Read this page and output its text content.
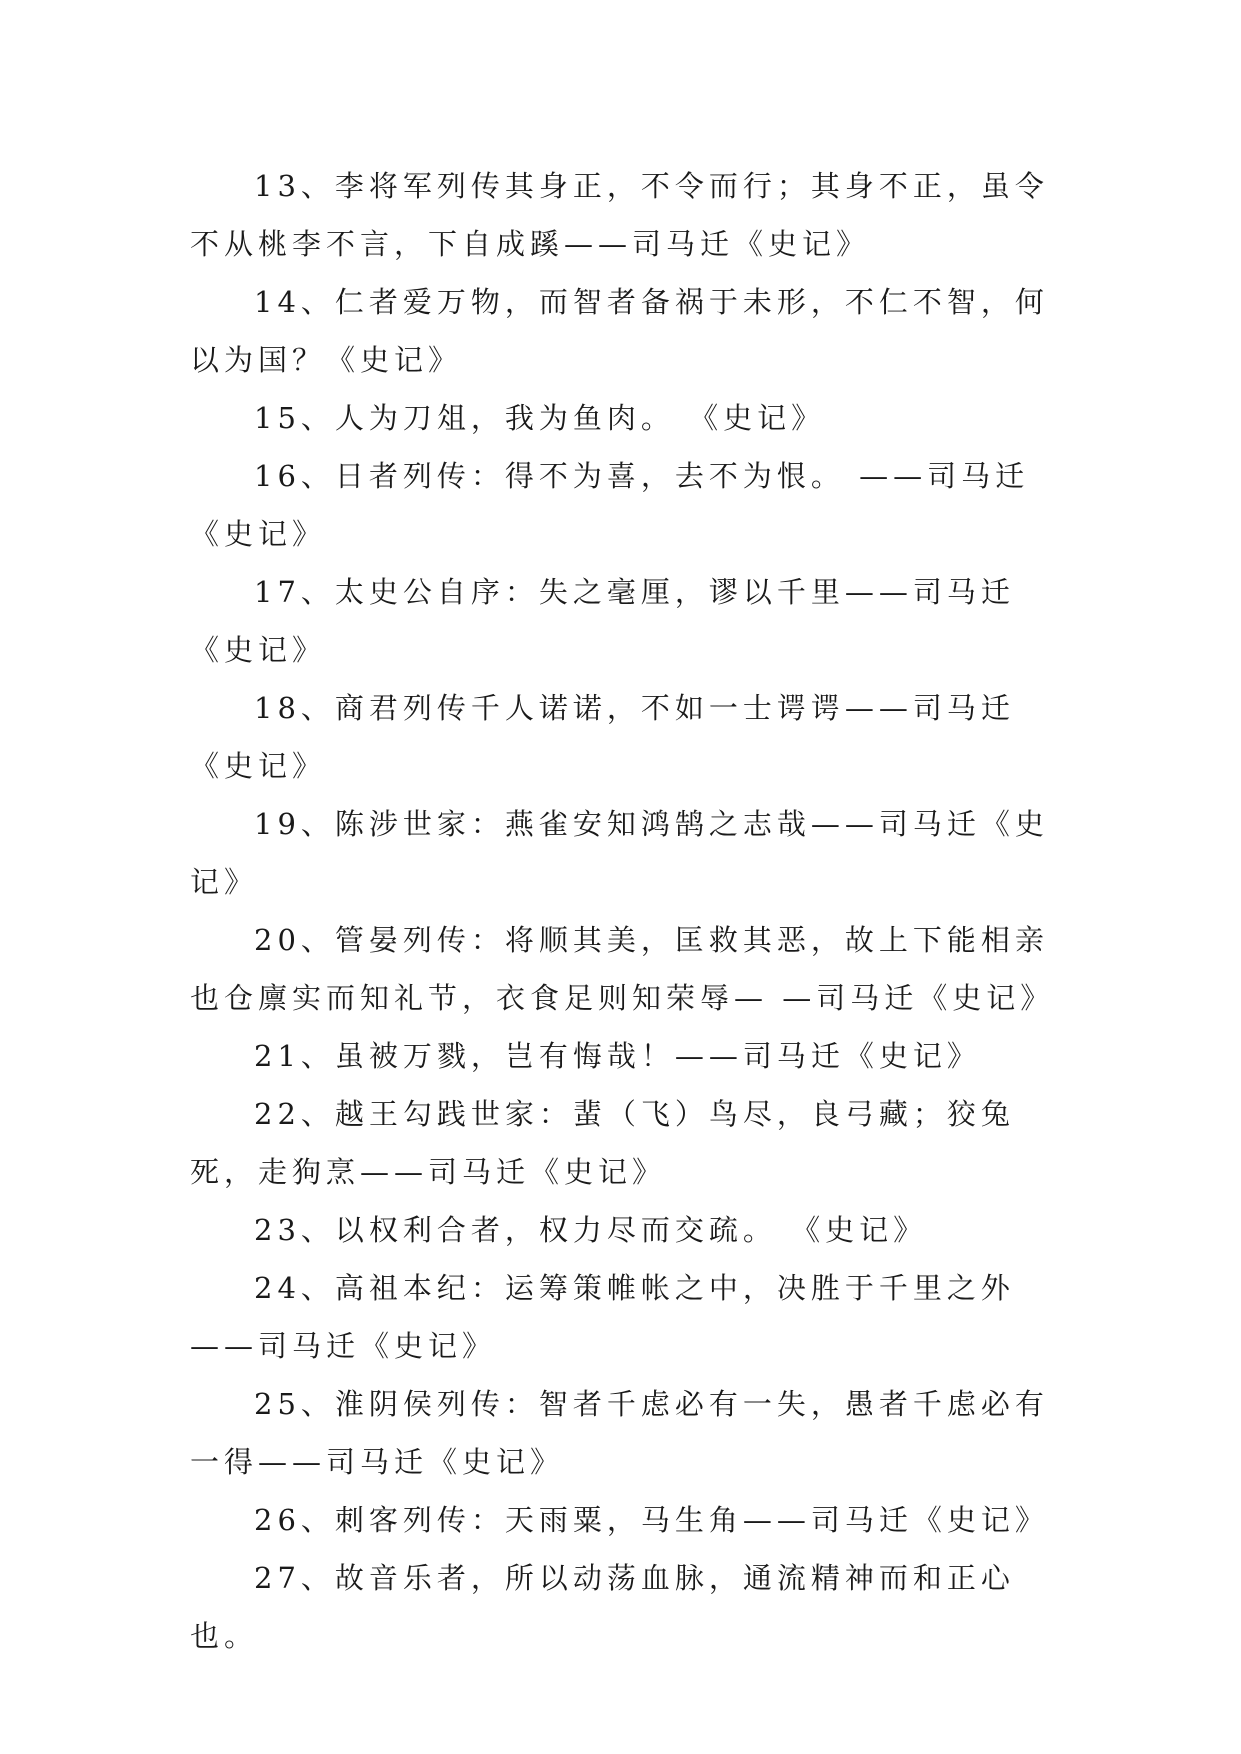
13、李将军列传其身正，不令而行；其身不正，虽令不从桃李不言，下自成蹊——司马迁《史记》

14、仁者爱万物，而智者备祸于未形，不仁不智，何以为国？《史记》

15、人为刀俎，我为鱼肉。 《史记》

16、日者列传：得不为喜，去不为恨。 ——司马迁《史记》

17、太史公自序：失之毫厘，谬以千里——司马迁《史记》

18、商君列传千人诺诺，不如一士谔谔——司马迁《史记》

19、陈涉世家：燕雀安知鸿鹄之志哉——司马迁《史记》

20、管晏列传：将顺其美，匡救其恶，故上下能相亲也仓廪实而知礼节，衣食足则知荣辱— —司马迁《史记》

21、虽被万戮，岂有悔哉！——司马迁《史记》

22、越王勾践世家：蜚（飞）鸟尽，良弓藏；狡兔死，走狗烹——司马迁《史记》

23、以权利合者，权力尽而交疏。 《史记》

24、高祖本纪：运筹策帷帐之中，决胜于千里之外——司马迁《史记》

25、淮阴侯列传：智者千虑必有一失，愚者千虑必有一得——司马迁《史记》

26、刺客列传：天雨粟，马生角——司马迁《史记》

27、故音乐者，所以动荡血脉，通流精神而和正心也。
